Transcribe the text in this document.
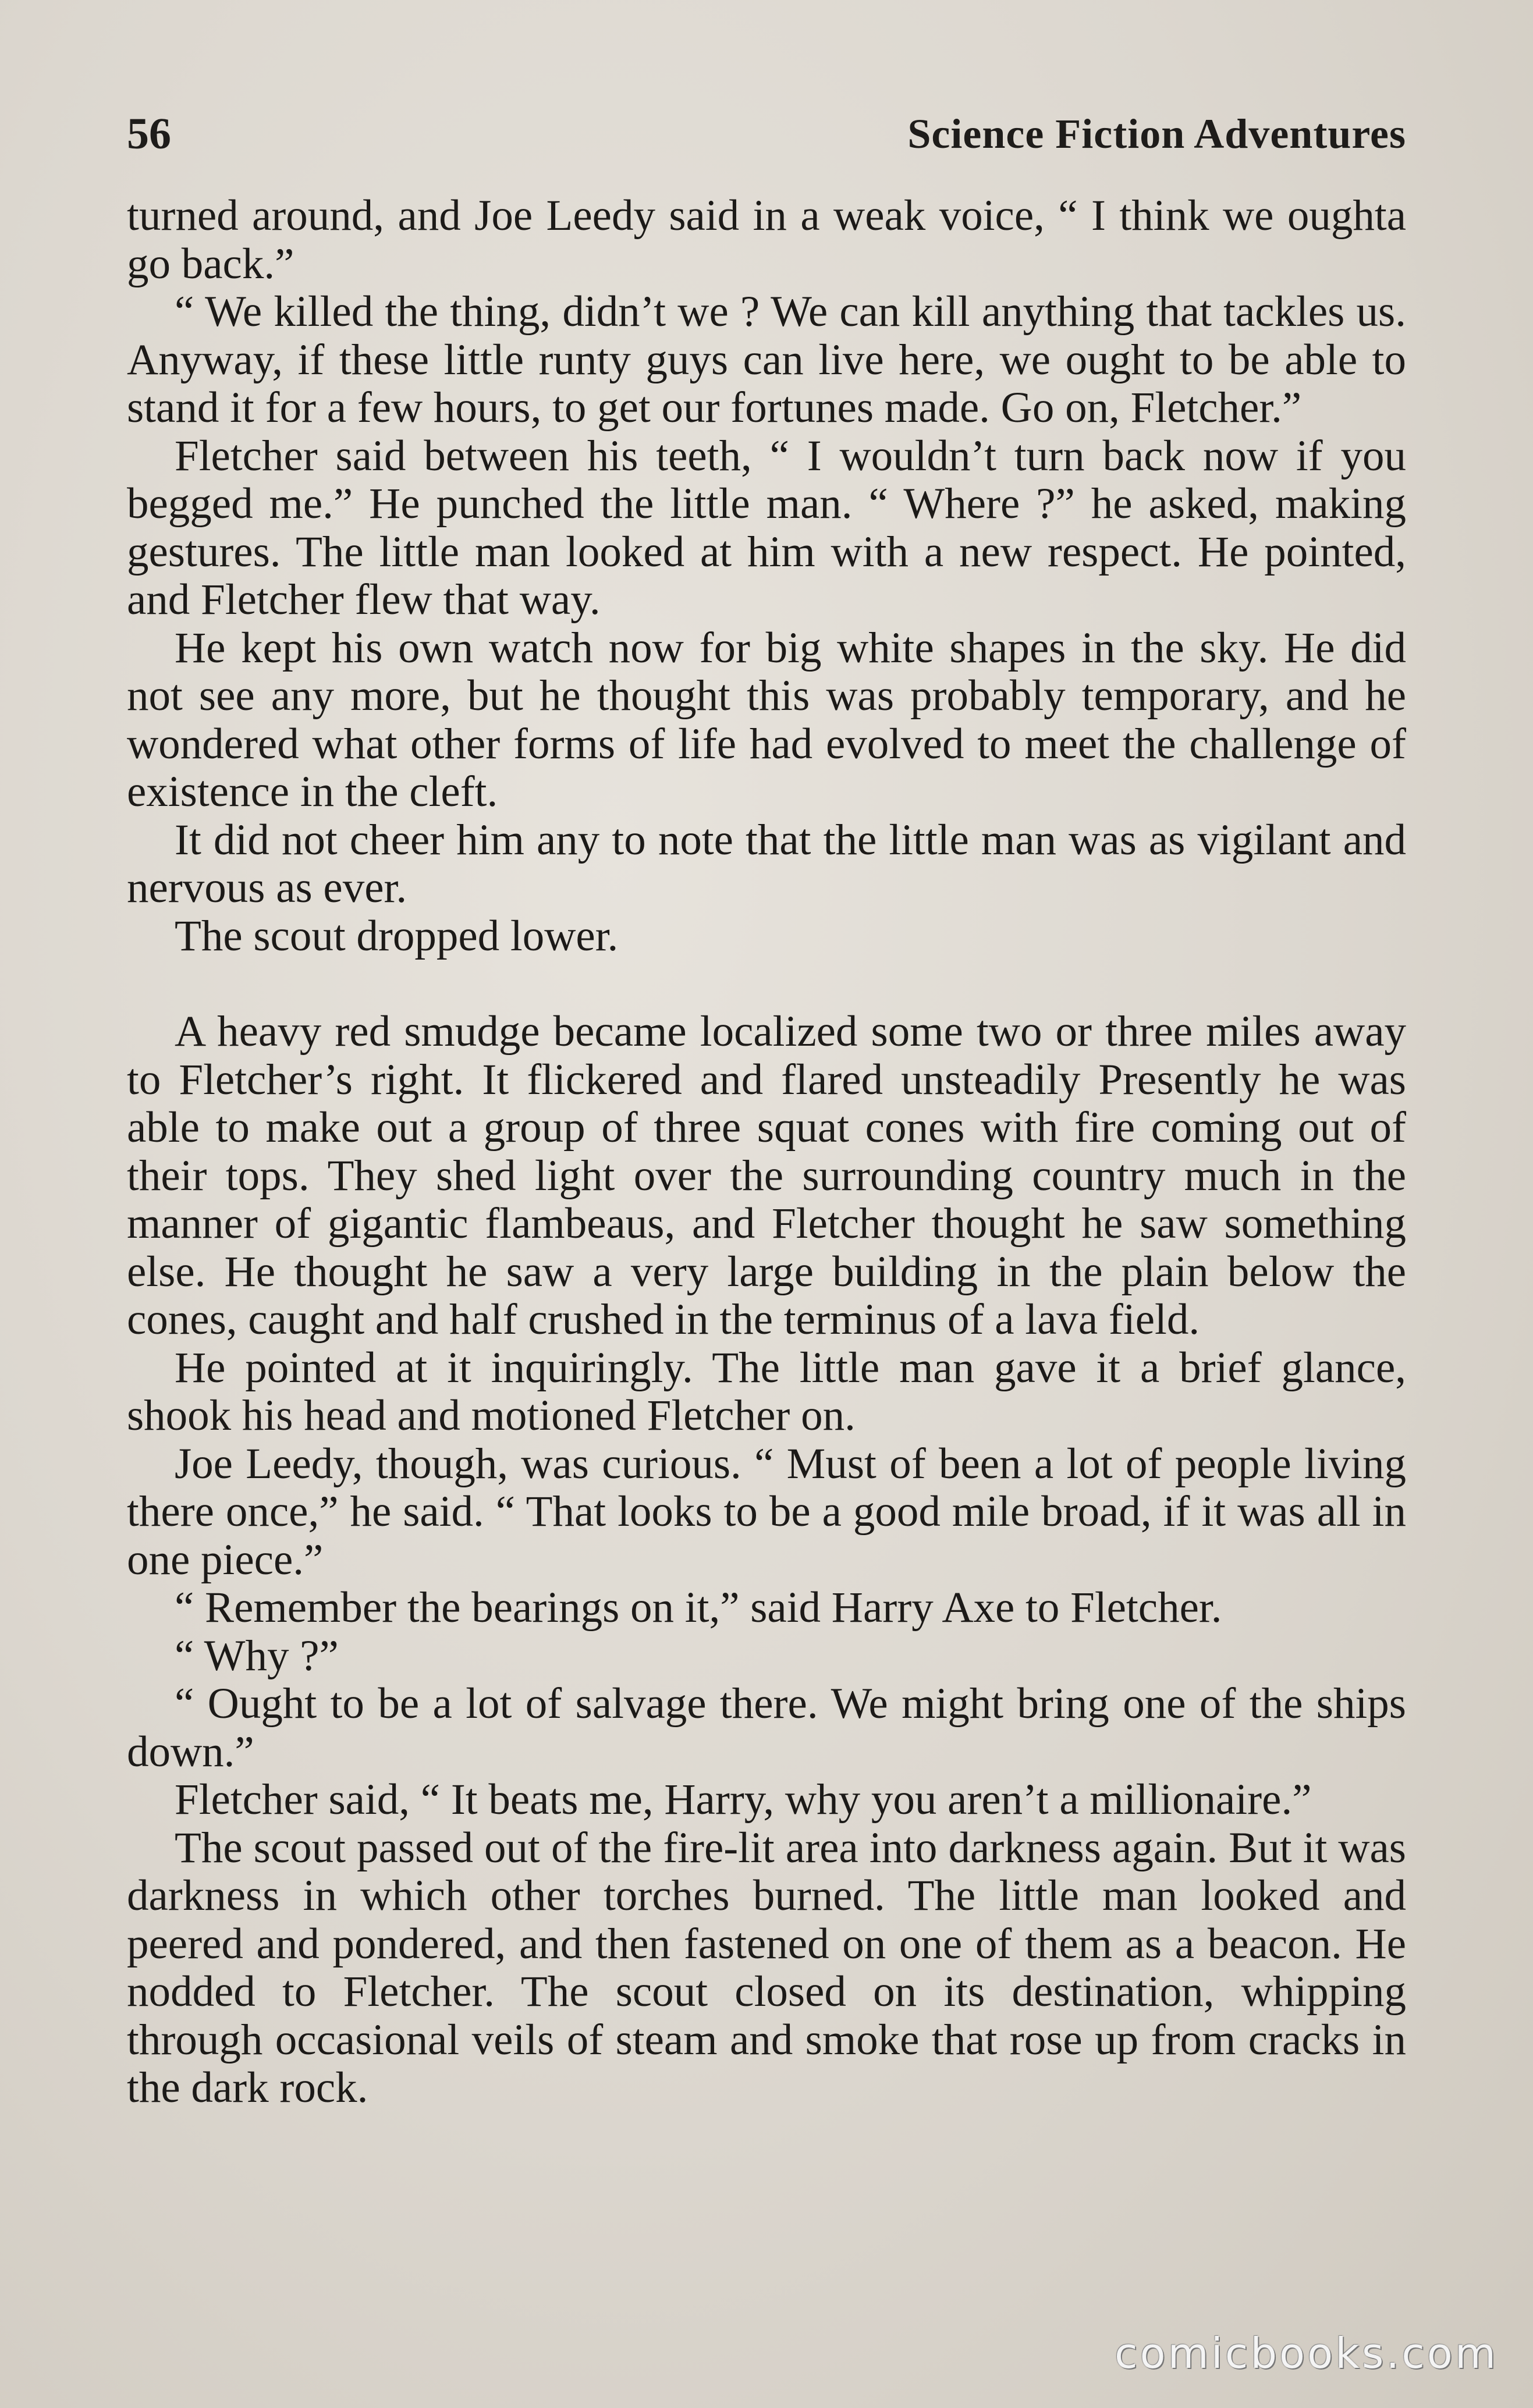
56	Science Fiction Adventures

turned around, and Joe Leedy said in a weak voice, “ I think we oughta go back.”

“ We killed the thing, didn’t we ? We can kill anything that tackles us. Anyway, if these little runty guys can live here, we ought to be able to stand it for a few hours, to get our fortunes made. Go on, Fletcher.”

Fletcher said between his teeth, “ I wouldn’t turn back now if you begged me.” He punched the little man. “ Where ?” he asked, making gestures. The little man looked at him with a new respect. He pointed, and Fletcher flew that way.

He kept his own watch now for big white shapes in the sky. He did not see any more, but he thought this was probably temporary, and he wondered what other forms of life had evolved to meet the challenge of existence in the cleft.

It did not cheer him any to note that the little man was as vigilant and nervous as ever.

The scout dropped lower.

A heavy red smudge became localized some two or three miles away to Fletcher’s right. It flickered and flared unsteadily Presently he was able to make out a group of three squat cones with fire coming out of their tops. They shed light over the surrounding country much in the manner of gigantic flambeaus, and Fletcher thought he saw something else. He thought he saw a very large building in the plain below the cones, caught and half crushed in the terminus of a lava field.

He pointed at it inquiringly. The little man gave it a brief glance, shook his head and motioned Fletcher on.

Joe Leedy, though, was curious. “ Must of been a lot of people living there once,” he said. “ That looks to be a good mile broad, if it was all in one piece.”

“ Remember the bearings on it,” said Harry Axe to Fletcher.

“ Why ?”

“ Ought to be a lot of salvage there. We might bring one of the ships down.”

Fletcher said, “ It beats me, Harry, why you aren’t a millionaire.”

The scout passed out of the fire-lit area into darkness again. But it was darkness in which other torches burned. The little man looked and peered and pondered, and then fastened on one of them as a beacon. He nodded to Fletcher. The scout closed on its destination, whipping through occasional veils of steam and smoke that rose up from cracks in the dark rock.

comicbooks.com
